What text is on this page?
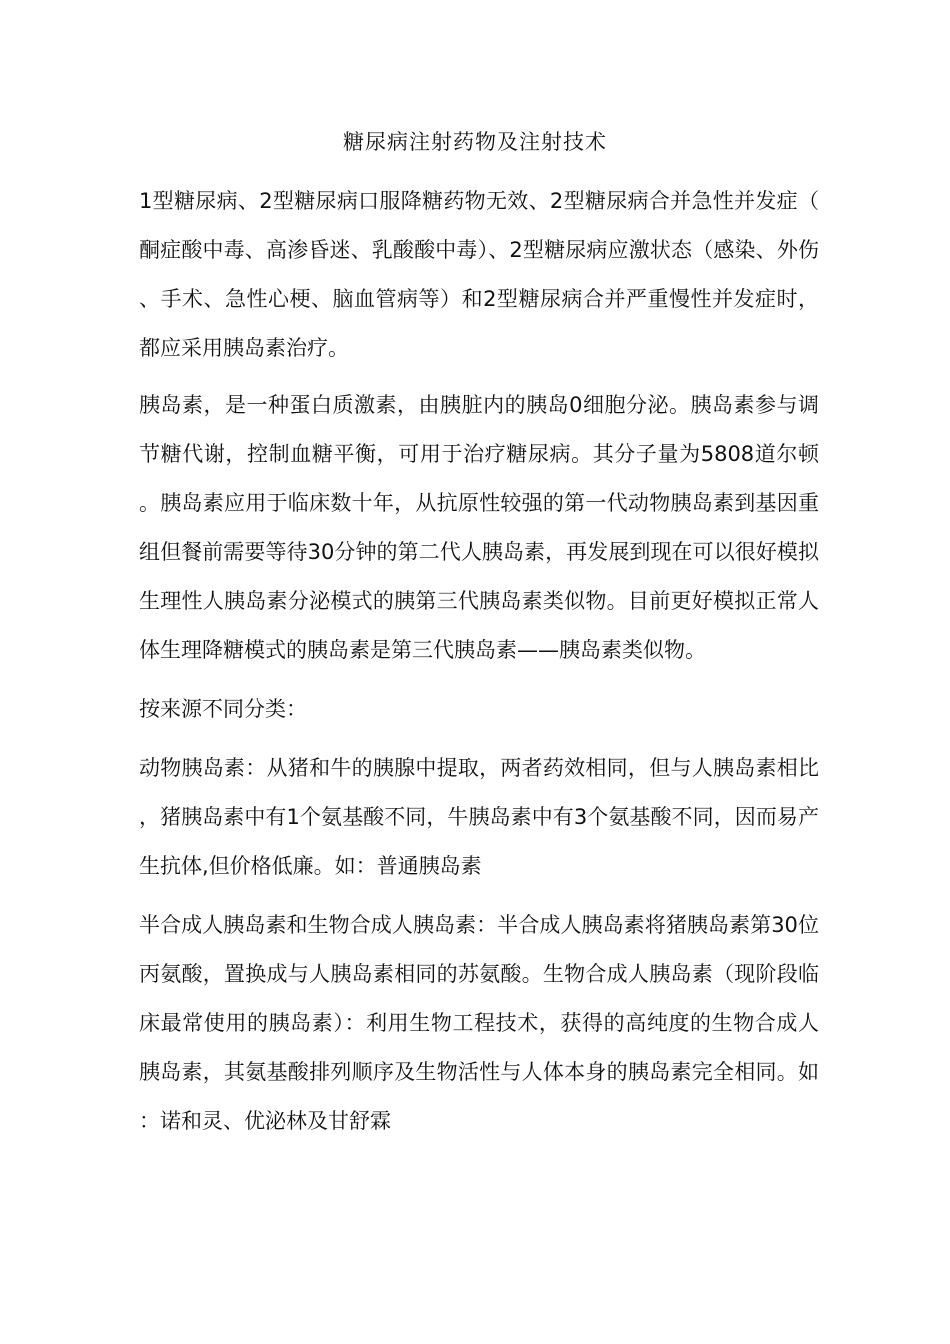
糖尿病注射药物及注射技术

1型糖尿病、2型糖尿病口服降糖药物无效、2型糖尿病合并急性并发症（酮症酸中毒、高渗昏迷、乳酸酸中毒）、2型糖尿病应激状态（感染、外伤、手术、急性心梗、脑血管病等）和2型糖尿病合并严重慢性并发症时，都应采用胰岛素治疗。

胰岛素，是一种蛋白质激素，由胰脏内的胰岛0细胞分泌。胰岛素参与调节糖代谢，控制血糖平衡，可用于治疗糖尿病。其分子量为5808道尔顿。胰岛素应用于临床数十年，从抗原性较强的第一代动物胰岛素到基因重组但餐前需要等待30分钟的第二代人胰岛素，再发展到现在可以很好模拟生理性人胰岛素分泌模式的胰第三代胰岛素类似物。目前更好模拟正常人体生理降糖模式的胰岛素是第三代胰岛素——胰岛素类似物。

按来源不同分类：

动物胰岛素：从猪和牛的胰腺中提取，两者药效相同，但与人胰岛素相比，猪胰岛素中有1个氨基酸不同，牛胰岛素中有3个氨基酸不同，因而易产生抗体,但价格低廉。如：普通胰岛素

半合成人胰岛素和生物合成人胰岛素：半合成人胰岛素将猪胰岛素第30位丙氨酸，置换成与人胰岛素相同的苏氨酸。生物合成人胰岛素（现阶段临床最常使用的胰岛素）：利用生物工程技术，获得的高纯度的生物合成人胰岛素，其氨基酸排列顺序及生物活性与人体本身的胰岛素完全相同。如：诺和灵、优泌林及甘舒霖
